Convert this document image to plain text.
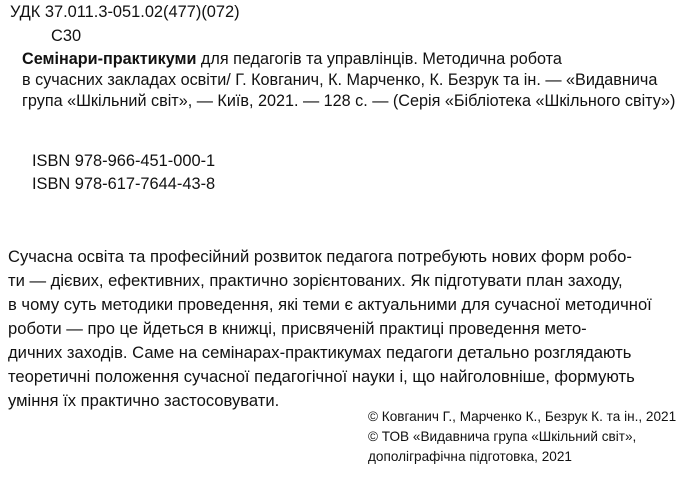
УДК 37.011.3-051.02(477)(072)
С30
Семінари-практикуми для педагогів та управлінців. Методична робота
в сучасних закладах освіти/ Г. Ковганич, К. Марченко, К. Безрук та ін. — «Видавнича
група «Шкільний світ», — Київ, 2021. — 128 с. — (Серія «Бібліотека «Шкільного світу»)
ISBN 978-966-451-000-1
ISBN 978-617-7644-43-8
Сучасна освіта та професійний розвиток педагога потребують нових форм робо-
ти — дієвих, ефективних, практично зорієнтованих. Як підготувати план заходу,
в чому суть методики проведення, які теми є актуальними для сучасної методичної
роботи — про це йдеться в книжці, присвяченій практиці проведення мето-
дичних заходів. Саме на семінарах-практикумах педагоги детально розглядають
теоретичні положення сучасної педагогічної науки і, що найголовніше, формують
уміння їх практично застосовувати.
© Ковганич Г., Марченко К., Безрук К. та ін., 2021
© ТОВ «Видавнича група «Шкільний світ»,
дополіграфічна підготовка, 2021
